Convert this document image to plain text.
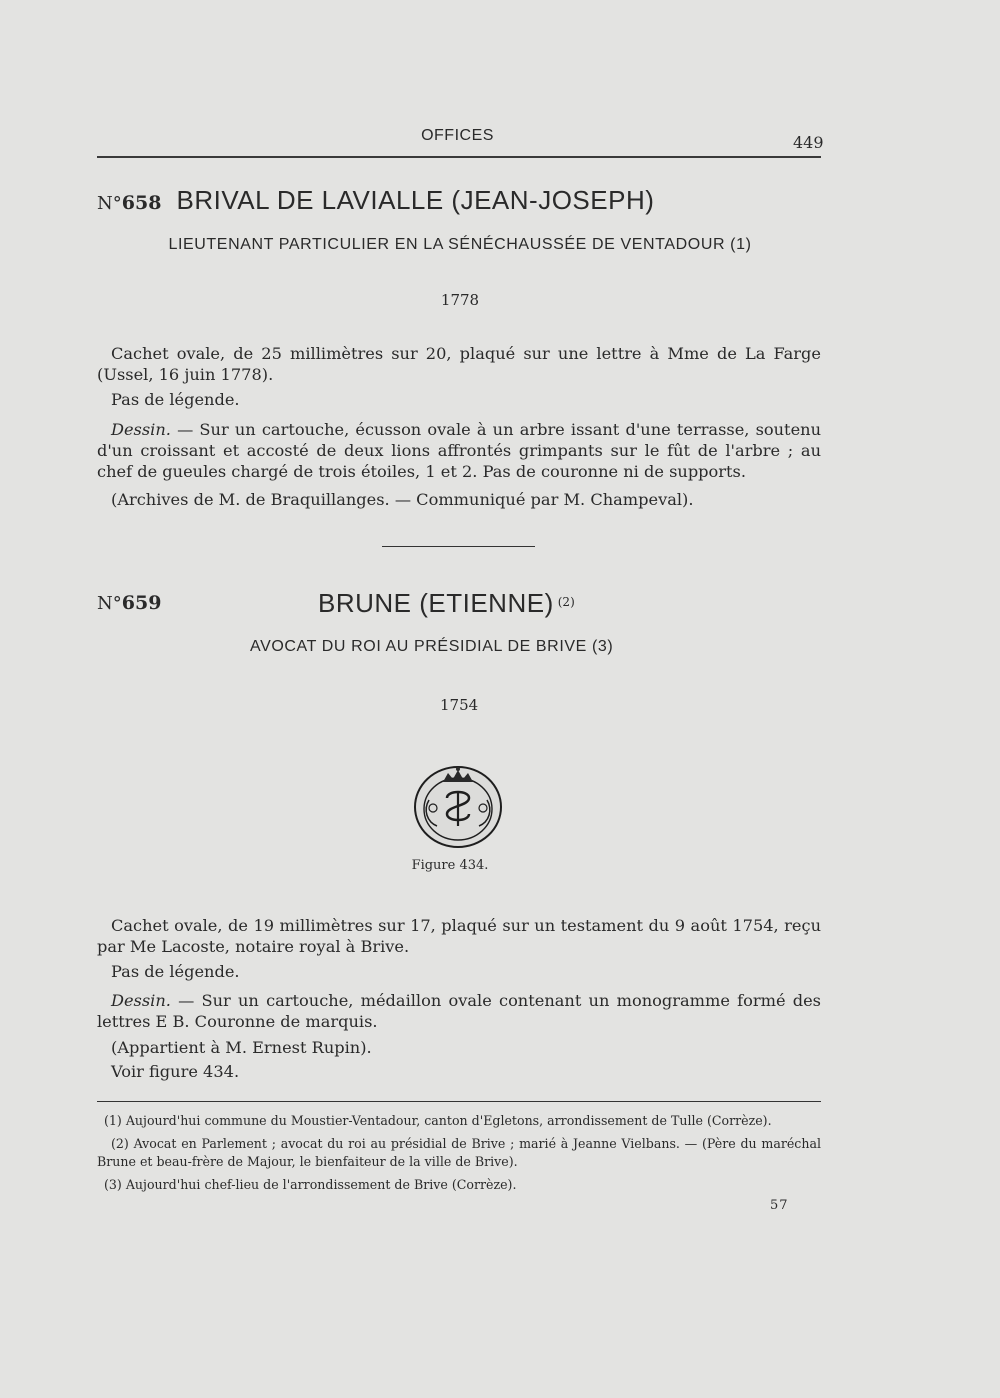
OFFICES	449
N°658 BRIVAL DE LAVIALLE (JEAN-JOSEPH)
LIEUTENANT PARTICULIER EN LA SÉNÉCHAUSSÉE DE VENTADOUR (1)
1778
Cachet ovale, de 25 millimètres sur 20, plaqué sur une lettre à Mme de La Farge (Ussel, 16 juin 1778).
Pas de légende.
Dessin. — Sur un cartouche, écusson ovale à un arbre issant d'une terrasse, soutenu d'un croissant et accosté de deux lions affrontés grimpants sur le fût de l'arbre ; au chef de gueules chargé de trois étoiles, 1 et 2. Pas de couronne ni de supports.
(Archives de M. de Braquillanges. — Communiqué par M. Champeval).
N°659	BRUNE (ETIENNE) $^{(2)}$
AVOCAT DU ROI AU PRÉSIDIAL DE BRIVE (3)
1754
Figure 434.
Cachet ovale, de 19 millimètres sur 17, plaqué sur un testament du 9 août 1754, reçu par Me Lacoste, notaire royal à Brive.
Pas de légende.
Dessin. — Sur un cartouche, médaillon ovale contenant un monogramme formé des lettres E B. Couronne de marquis.
(Appartient à M. Ernest Rupin).
Voir figure 434.
(1) Aujourd'hui commune du Moustier-Ventadour, canton d'Egletons, arrondissement de Tulle (Corrèze).
(2) Avocat en Parlement ; avocat du roi au présidial de Brive ; marié à Jeanne Vielbans. — (Père du maréchal Brune et beau-frère de Majour, le bienfaiteur de la ville de Brive).
(3) Aujourd'hui chef-lieu de l'arrondissement de Brive (Corrèze).
57
